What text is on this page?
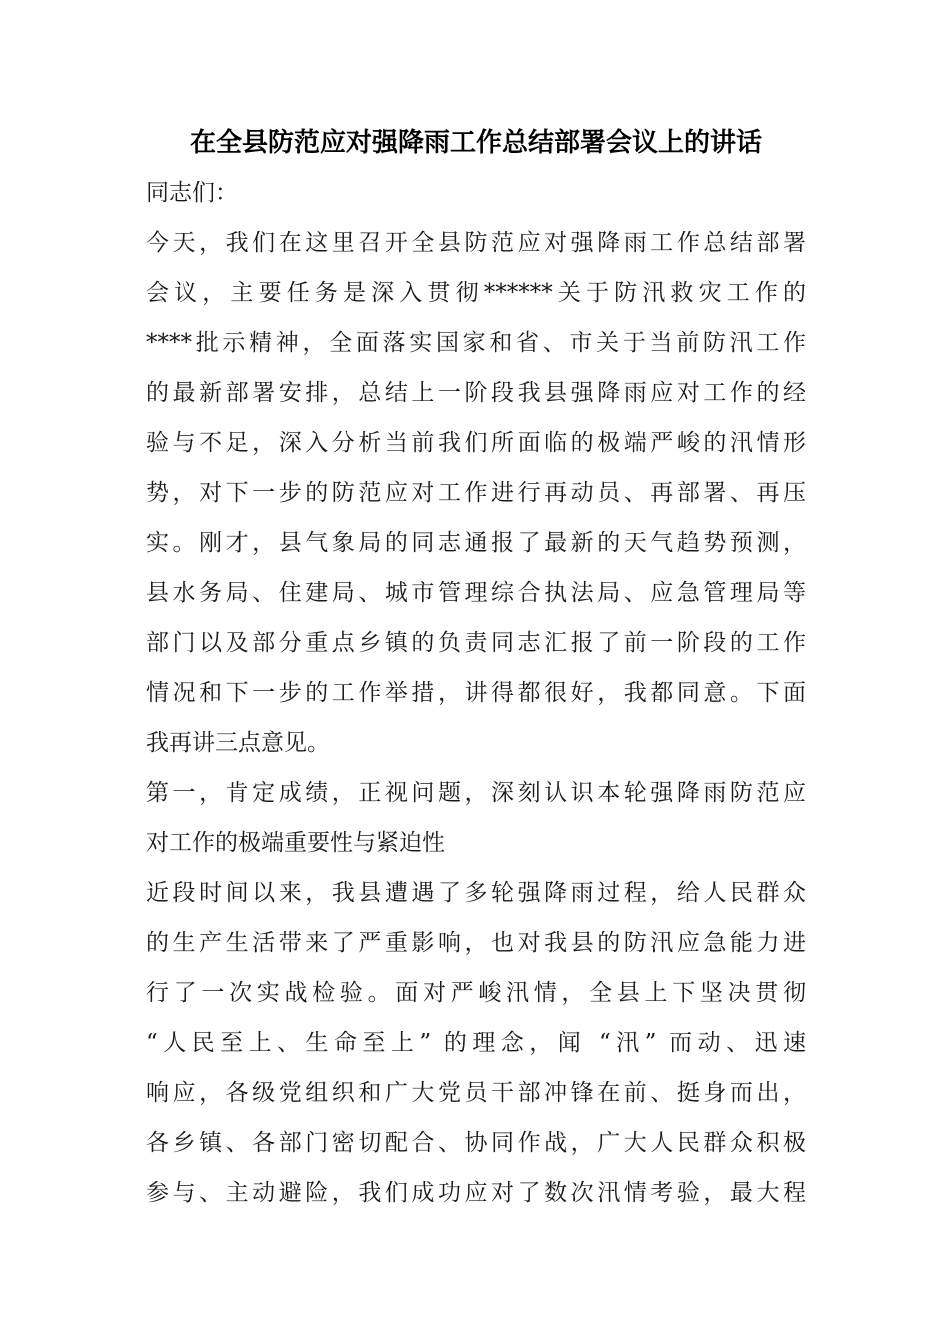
在全县防范应对强降雨工作总结部署会议上的讲话
同志们：
今天，我们在这里召开全县防范应对强降雨工作总结部署
会议，主要任务是深入贯彻******关于防汛救灾工作的
****批示精神，全面落实国家和省、市关于当前防汛工作
的最新部署安排，总结上一阶段我县强降雨应对工作的经
验与不足，深入分析当前我们所面临的极端严峻的汛情形
势，对下一步的防范应对工作进行再动员、再部署、再压
实。刚才，县气象局的同志通报了最新的天气趋势预测，
县水务局、住建局、城市管理综合执法局、应急管理局等
部门以及部分重点乡镇的负责同志汇报了前一阶段的工作
情况和下一步的工作举措，讲得都很好，我都同意。下面
我再讲三点意见。
第一，肯定成绩，正视问题，深刻认识本轮强降雨防范应
对工作的极端重要性与紧迫性
近段时间以来，我县遭遇了多轮强降雨过程，给人民群众
的生产生活带来了严重影响，也对我县的防汛应急能力进
行了一次实战检验。面对严峻汛情，全县上下坚决贯彻
“人民至上、生命至上” 的理念，闻 “汛” 而动、迅速
响应，各级党组织和广大党员干部冲锋在前、挺身而出，
各乡镇、各部门密切配合、协同作战，广大人民群众积极
参与、主动避险，我们成功应对了数次汛情考验，最大程
